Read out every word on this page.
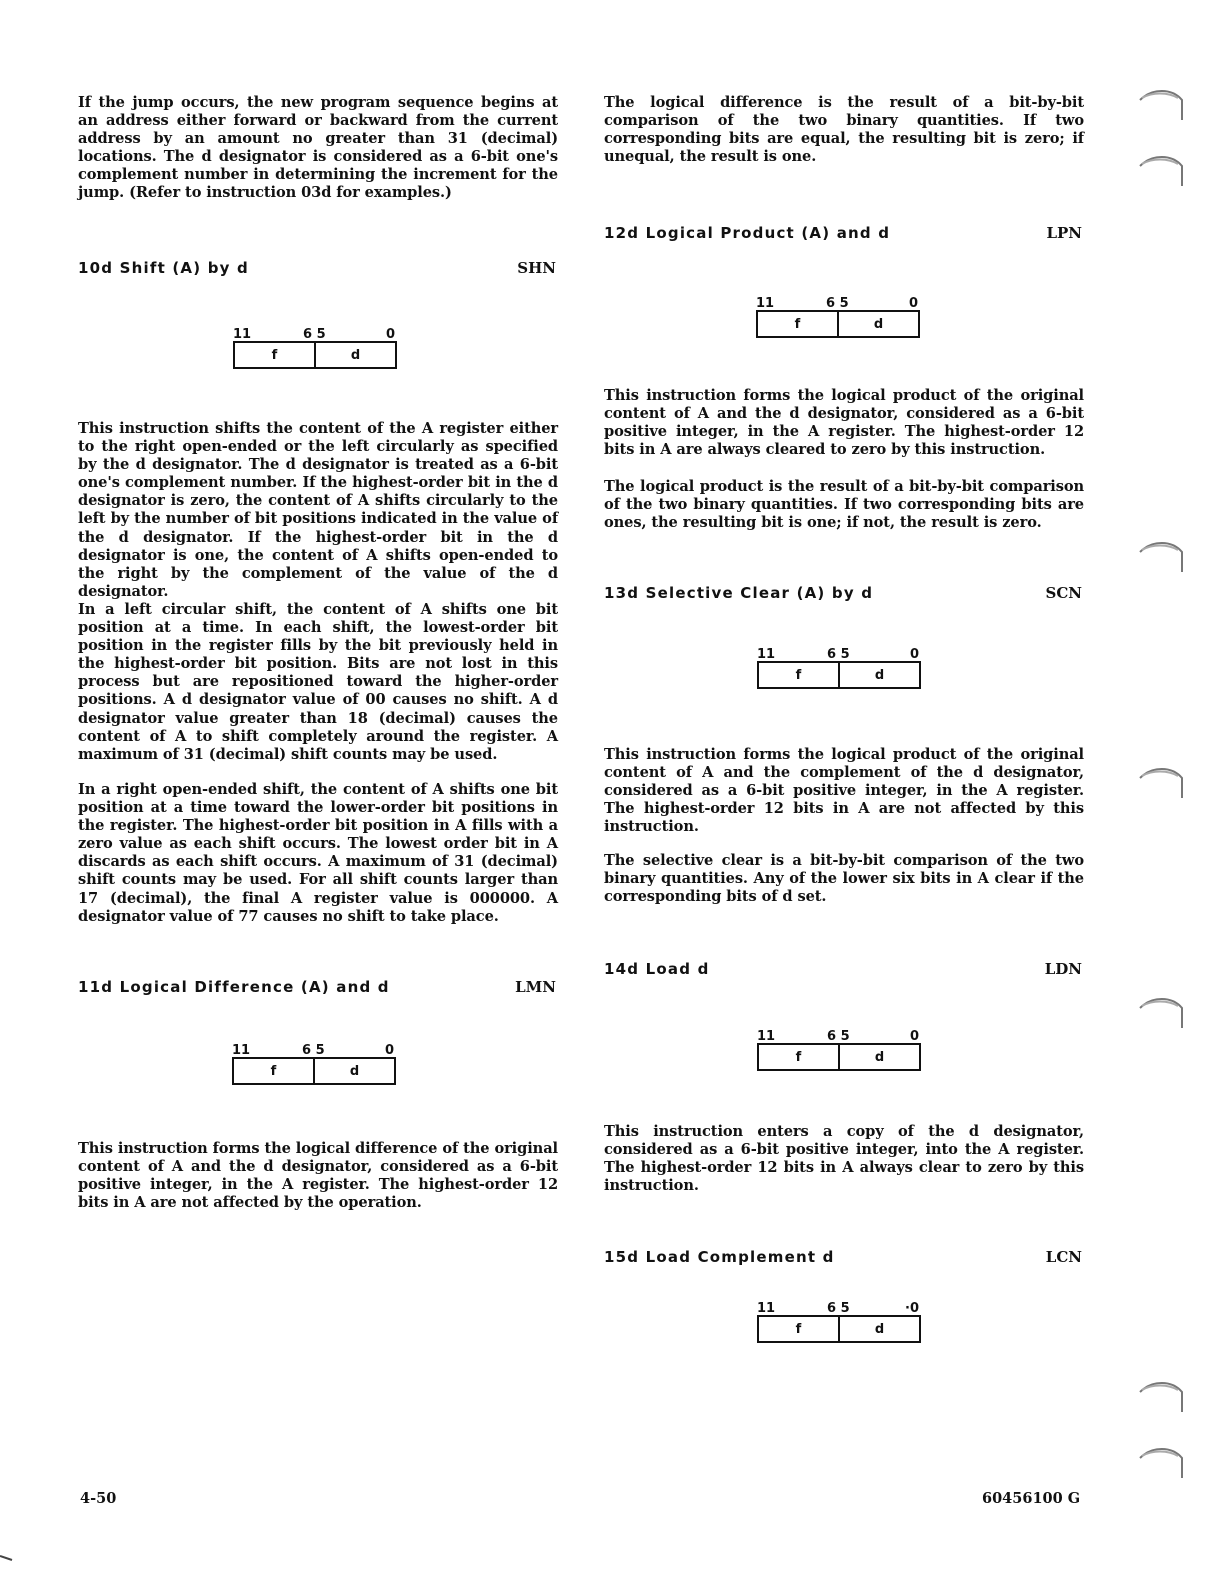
If the jump occurs, the new program sequence begins at an address either forward or backward from the current address by an amount no greater than 31 (decimal) locations. The d designator is considered as a 6-bit one's complement number in determining the increment for the jump. (Refer to instruction 03d for examples.)

10d Shift (A) by d	SHN
11	6 5	0
f	d

This instruction shifts the content of the A register either to the right open-ended or the left circularly as specified by the d designator. The d designator is treated as a 6-bit one's complement number. If the highest-order bit in the d designator is zero, the content of A shifts circularly to the left by the number of bit positions indicated in the value of the d designator. If the highest-order bit in the d designator is one, the content of A shifts open-ended to the right by the complement of the value of the d designator.

In a left circular shift, the content of A shifts one bit position at a time. In each shift, the lowest-order bit position in the register fills by the bit previously held in the highest-order bit position. Bits are not lost in this process but are repositioned toward the higher-order positions. A d designator value of 00 causes no shift. A d designator value greater than 18 (decimal) causes the content of A to shift completely around the register. A maximum of 31 (decimal) shift counts may be used.

In a right open-ended shift, the content of A shifts one bit position at a time toward the lower-order bit positions in the register. The highest-order bit position in A fills with a zero value as each shift occurs. The lowest order bit in A discards as each shift occurs. A maximum of 31 (decimal) shift counts may be used. For all shift counts larger than 17 (decimal), the final A register value is 000000. A designator value of 77 causes no shift to take place.

11d Logical Difference (A) and d	LMN
11	6 5	0
f	d

This instruction forms the logical difference of the original content of A and the d designator, considered as a 6-bit positive integer, in the A register. The highest-order 12 bits in A are not affected by the operation.

The logical difference is the result of a bit-by-bit comparison of the two binary quantities. If two corresponding bits are equal, the resulting bit is zero; if unequal, the result is one.

12d Logical Product (A) and d	LPN
11	6 5	0
f	d

This instruction forms the logical product of the original content of A and the d designator, considered as a 6-bit positive integer, in the A register. The highest-order 12 bits in A are always cleared to zero by this instruction.

The logical product is the result of a bit-by-bit comparison of the two binary quantities. If two corresponding bits are ones, the resulting bit is one; if not, the result is zero.

13d Selective Clear (A) by d	SCN
11	6 5	0
f	d

This instruction forms the logical product of the original content of A and the complement of the d designator, considered as a 6-bit positive integer, in the A register. The highest-order 12 bits in A are not affected by this instruction.

The selective clear is a bit-by-bit comparison of the two binary quantities. Any of the lower six bits in A clear if the corresponding bits of d set.

14d Load d	LDN
11	6 5	0
f	d

This instruction enters a copy of the d designator, considered as a 6-bit positive integer, into the A register. The highest-order 12 bits in A always clear to zero by this instruction.

15d Load Complement d	LCN
11	6 5	·0
f	d
4-50	60456100 G
